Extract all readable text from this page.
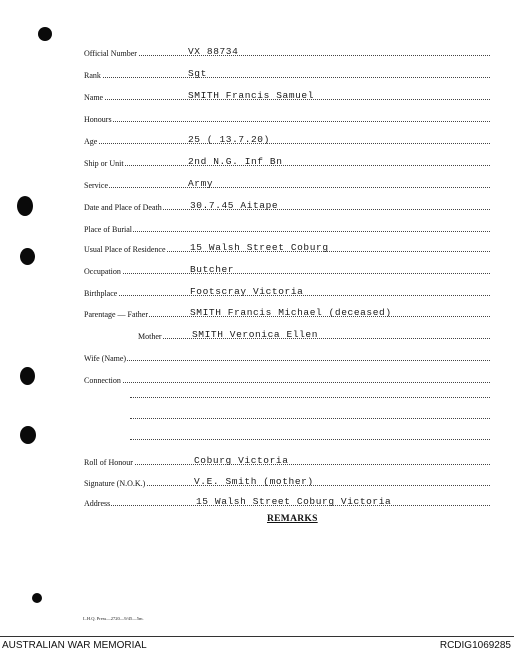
Official Number	VX 88734
Rank	Sgt
Name	SMITH Francis Samuel
Honours
Age	25 ( 13.7.20)
Ship or Unit	2nd N.G. Inf Bn
Service	Army
Date and Place of Death	30.7.45 Aitape
Place of Burial
Usual Place of Residence	15 Walsh Street Coburg
Occupation	Butcher
Birthplace	Footscray Victoria
Parentage — Father	SMITH Francis Michael (deceased)
Mother	SMITH Veronica Ellen
Wife (Name)
Connection
Roll of Honour	Coburg Victoria
Signature (N.O.K.)	V.E. Smith (mother)
Address	15 Walsh Street Coburg Victoria
REMARKS
L.H.Q. Press—2720—9/45—5m.
AUSTRALIAN WAR MEMORIAL	RCDIG1069285
